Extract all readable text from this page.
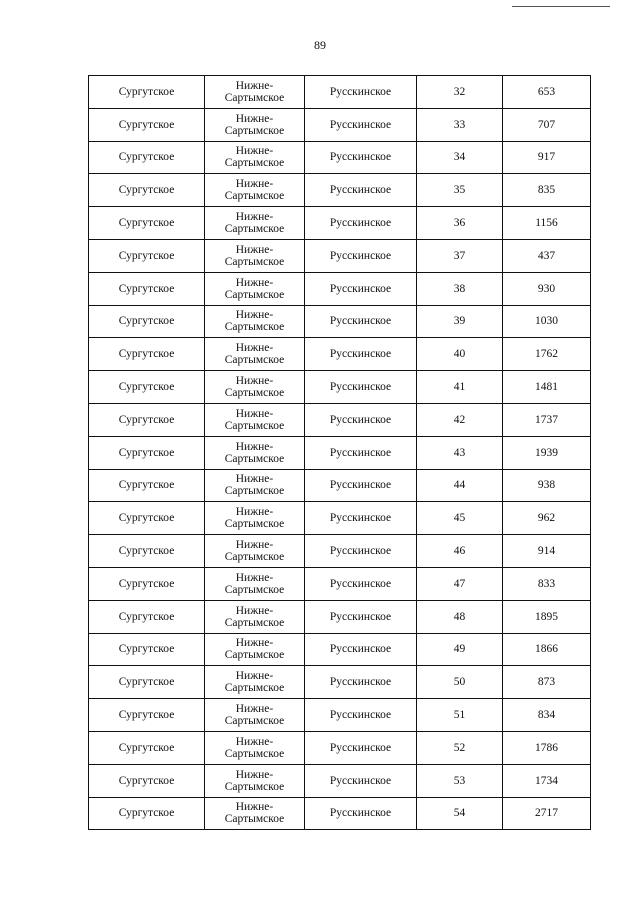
89
Сургутское	Нижне-
Сартымское	Русскинское	32	653
Сургутское	Нижне-
Сартымское	Русскинское	33	707
Сургутское	Нижне-
Сартымское	Русскинское	34	917
Сургутское	Нижне-
Сартымское	Русскинское	35	835
Сургутское	Нижне-
Сартымское	Русскинское	36	1156
Сургутское	Нижне-
Сартымское	Русскинское	37	437
Сургутское	Нижне-
Сартымское	Русскинское	38	930
Сургутское	Нижне-
Сартымское	Русскинское	39	1030
Сургутское	Нижне-
Сартымское	Русскинское	40	1762
Сургутское	Нижне-
Сартымское	Русскинское	41	1481
Сургутское	Нижне-
Сартымское	Русскинское	42	1737
Сургутское	Нижне-
Сартымское	Русскинское	43	1939
Сургутское	Нижне-
Сартымское	Русскинское	44	938
Сургутское	Нижне-
Сартымское	Русскинское	45	962
Сургутское	Нижне-
Сартымское	Русскинское	46	914
Сургутское	Нижне-
Сартымское	Русскинское	47	833
Сургутское	Нижне-
Сартымское	Русскинское	48	1895
Сургутское	Нижне-
Сартымское	Русскинское	49	1866
Сургутское	Нижне-
Сартымское	Русскинское	50	873
Сургутское	Нижне-
Сартымское	Русскинское	51	834
Сургутское	Нижне-
Сартымское	Русскинское	52	1786
Сургутское	Нижне-
Сартымское	Русскинское	53	1734
Сургутское	Нижне-
Сартымское	Русскинское	54	2717
